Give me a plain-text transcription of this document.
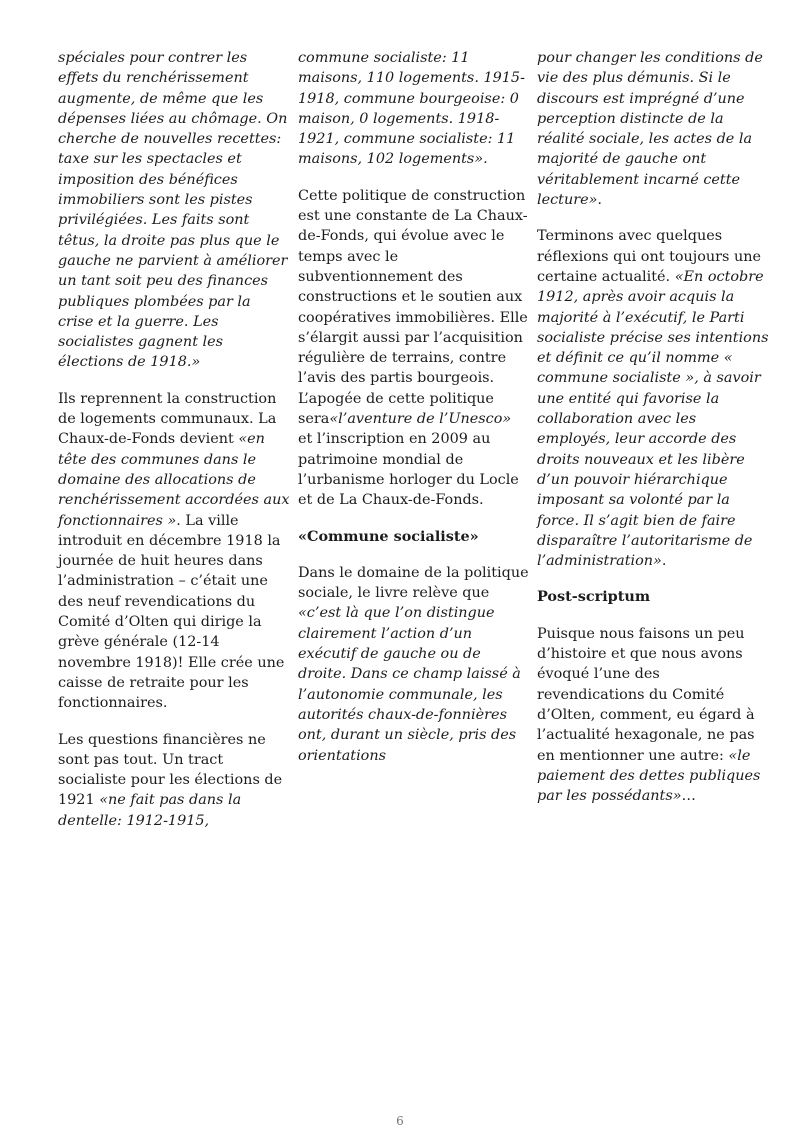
spéciales pour contrer les effets du renchérissement augmente, de même que les dépenses liées au chômage. On cherche de nouvelles recettes: taxe sur les spectacles et imposition des bénéfices immobiliers sont les pistes privilégiées. Les faits sont têtus, la droite pas plus que le gauche ne parvient à améliorer un tant soit peu des finances publiques plombées par la crise et la guerre. Les socialistes gagnent les élections de 1918.»

Ils reprennent la construction de logements communaux. La Chaux-de-Fonds devient «en tête des communes dans le domaine des allocations de renchérissement accordées aux fonctionnaires ». La ville introduit en décembre 1918 la journée de huit heures dans l’administration – c’était une des neuf revendications du Comité d’Olten qui dirige la grève générale (12-14 novembre 1918)! Elle crée une caisse de retraite pour les fonctionnaires.

Les questions financières ne sont pas tout. Un tract socialiste pour les élections de 1921 «ne fait pas dans la dentelle: 1912-1915,

commune socialiste: 11 maisons, 110 logements. 1915-1918, commune bourgeoise: 0 maison, 0 logements. 1918-1921, commune socialiste: 11 maisons, 102 logements».

Cette politique de construction est une constante de La Chaux-de-Fonds, qui évolue avec le temps avec le subventionnement des constructions et le soutien aux coopératives immobilières. Elle s’élargit aussi par l’acquisition régulière de terrains, contre l’avis des partis bourgeois. L’apogée de cette politique sera«l’aventure de l’Unesco» et l’inscription en 2009 au patrimoine mondial de l’urbanisme horloger du Locle et de La Chaux-de-Fonds.

«Commune socialiste»

Dans le domaine de la politique sociale, le livre relève que «c’est là que l’on distingue clairement l’action d’un exécutif de gauche ou de droite. Dans ce champ laissé à l’autonomie communale, les autorités chaux-de-fonnières ont, durant un siècle, pris des orientations

pour changer les conditions de vie des plus démunis. Si le discours est imprégné d’une perception distincte de la réalité sociale, les actes de la majorité de gauche ont véritablement incarné cette lecture».

Terminons avec quelques réflexions qui ont toujours une certaine actualité. «En octobre 1912, après avoir acquis la majorité à l’exécutif, le Parti socialiste précise ses intentions et définit ce qu’il nomme « commune socialiste », à savoir une entité qui favorise la collaboration avec les employés, leur accorde des droits nouveaux et les libère d’un pouvoir hiérarchique imposant sa volonté par la force. Il s’agit bien de faire disparaître l’autoritarisme de l’administration».

Post-scriptum

Puisque nous faisons un peu d’histoire et que nous avons évoqué l’une des revendications du Comité d’Olten, comment, eu égard à l’actualité hexagonale, ne pas en mentionner une autre: «le paiement des dettes publiques par les possédants»…

6
